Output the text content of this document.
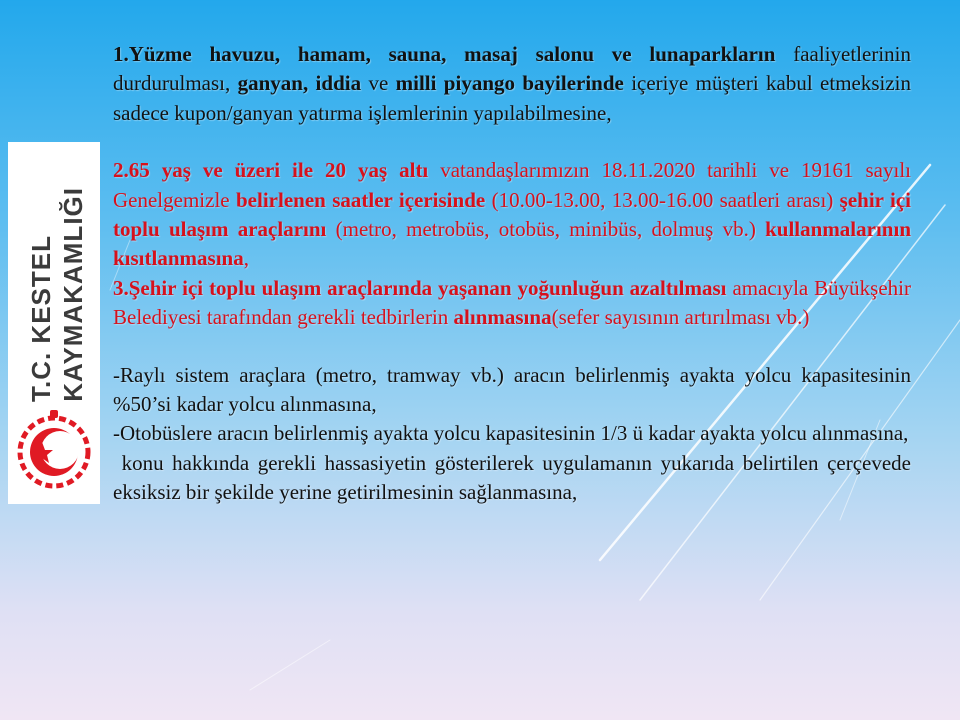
T.C. KESTEL KAYMAKAMLIĞI

1.Yüzme havuzu, hamam, sauna, masaj salonu ve lunaparkların faaliyetlerinin durdurulması, ganyan, iddia ve milli piyango bayilerinde içeriye müşteri kabul etmeksizin sadece kupon/ganyan yatırma işlemlerinin yapılabilmesine,

2.65 yaş ve üzeri ile 20 yaş altı vatandaşlarımızın 18.11.2020 tarihli ve 19161 sayılı Genelgemizle belirlenen saatler içerisinde (10.00-13.00, 13.00-16.00 saatleri arası) şehir içi toplu ulaşım araçlarını (metro, metrobüs, otobüs, minibüs, dolmuş vb.) kullanmalarının kısıtlanmasına,

3.Şehir içi toplu ulaşım araçlarında yaşanan yoğunluğun azaltılması amacıyla Büyükşehir Belediyesi tarafından gerekli tedbirlerin alınmasına(sefer sayısının artırılması vb.)

-Raylı sistem araçlara (metro, tramway vb.) aracın belirlenmiş ayakta yolcu kapasitesinin %50’si kadar yolcu alınmasına,

-Otobüslere aracın belirlenmiş ayakta yolcu kapasitesinin 1/3 ü kadar ayakta yolcu alınmasına,

konu hakkında gerekli hassasiyetin gösterilerek uygulamanın yukarıda belirtilen çerçevede eksiksiz bir şekilde yerine getirilmesinin sağlanmasına,
